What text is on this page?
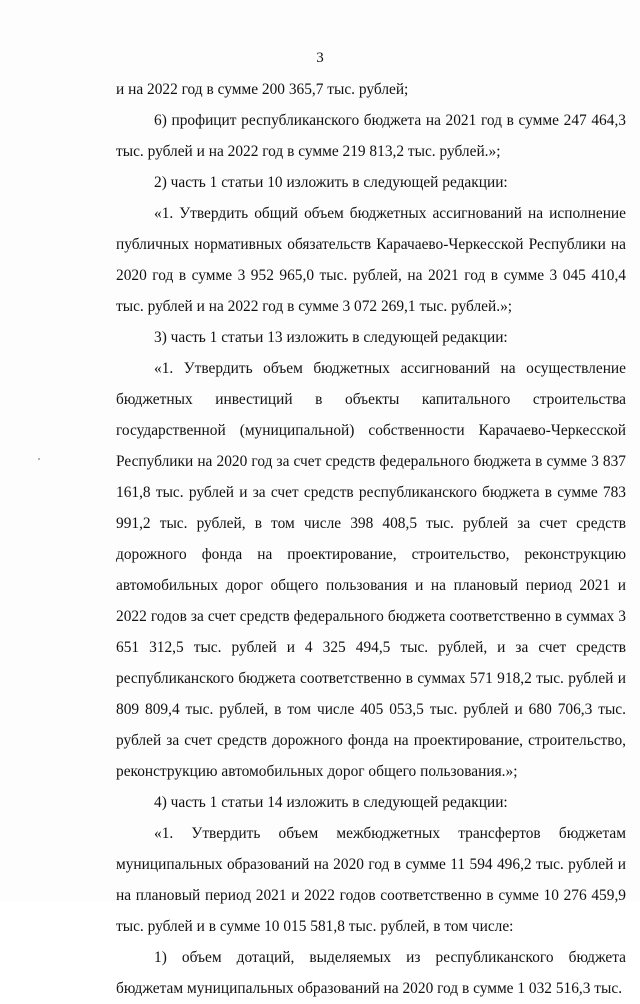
3

и на 2022 год в сумме 200 365,7 тыс. рублей;

6) профицит республиканского бюджета на 2021 год в сумме 247 464,3 тыс. рублей и на 2022 год в сумме 219 813,2 тыс. рублей.»;

2) часть 1 статьи 10 изложить в следующей редакции:

«1. Утвердить общий объем бюджетных ассигнований на исполнение публичных нормативных обязательств Карачаево-Черкесской Республики на 2020 год в сумме 3 952 965,0 тыс. рублей, на 2021 год в сумме 3 045 410,4 тыс. рублей и на 2022 год в сумме 3 072 269,1 тыс. рублей.»;

3) часть 1 статьи 13 изложить в следующей редакции:

«1. Утвердить объем бюджетных ассигнований на осуществление бюджетных инвестиций в объекты капитального строительства государственной (муниципальной) собственности Карачаево-Черкесской Республики на 2020 год за счет средств федерального бюджета в сумме 3 837 161,8 тыс. рублей и за счет средств республиканского бюджета в сумме 783 991,2 тыс. рублей, в том числе 398 408,5 тыс. рублей за счет средств дорожного фонда на проектирование, строительство, реконструкцию автомобильных дорог общего пользования и на плановый период 2021 и 2022 годов за счет средств федерального бюджета соответственно в суммах 3 651 312,5 тыс. рублей и 4 325 494,5 тыс. рублей, и за счет средств республиканского бюджета соответственно в суммах 571 918,2 тыс. рублей и 809 809,4 тыс. рублей, в том числе 405 053,5 тыс. рублей и 680 706,3 тыс. рублей за счет средств дорожного фонда на проектирование, строительство, реконструкцию автомобильных дорог общего пользования.»;

4) часть 1 статьи 14 изложить в следующей редакции:

«1. Утвердить объем межбюджетных трансфертов бюджетам муниципальных образований на 2020 год в сумме 11 594 496,2 тыс. рублей и на плановый период 2021 и 2022 годов соответственно в сумме 10 276 459,9 тыс. рублей и в сумме 10 015 581,8 тыс. рублей, в том числе:

1) объем дотаций, выделяемых из республиканского бюджета бюджетам муниципальных образований на 2020 год в сумме 1 032 516,3 тыс.
